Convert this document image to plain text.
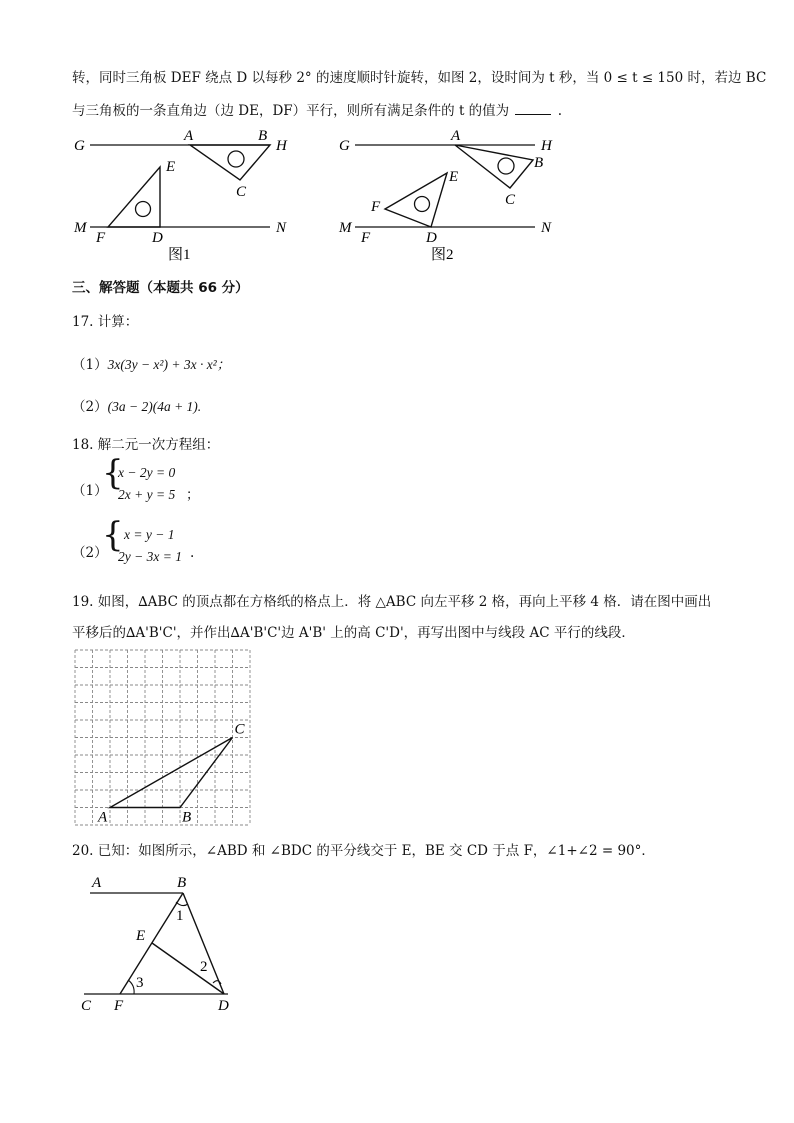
转，同时三角板 DEF 绕点 D 以每秒 2° 的速度顺时针旋转，如图 2，设时间为 t 秒，当 0 ≤ t ≤ 150 时，若边 BC
与三角板的一条直角边（边 DE，DF）平行，则所有满足条件的 t 的值为	.
G
A	B
H
E
C
M
F	D
N
图1
G
A
H
B
E
C
F
M
F	D
N
图2
三、解答题（本题共 66 分）
17. 计算：
（1）3x(3y − x²) + 3x · x²；
（2）(3a − 2)(4a + 1).
18. 解二元一次方程组：
（1）
{
x − 2y = 0
2x + y = 5 ；
（2）
{ x = y − 1
2y − 3x = 1 .
19. 如图，∆ABC 的顶点都在方格纸的格点上．将 △ABC 向左平移 2 格，再向上平移 4 格．请在图中画出
平移后的∆A'B'C'，并作出∆A'B'C'边 A'B' 上的高 C'D'，再写出图中与线段 AC 平行的线段．
A	B
C
20. 已知：如图所示，∠ABD 和 ∠BDC 的平分线交于 E，BE 交 CD 于点 F，∠1+∠2 = 90°．
A	B
E
C F	D
1
2
3
